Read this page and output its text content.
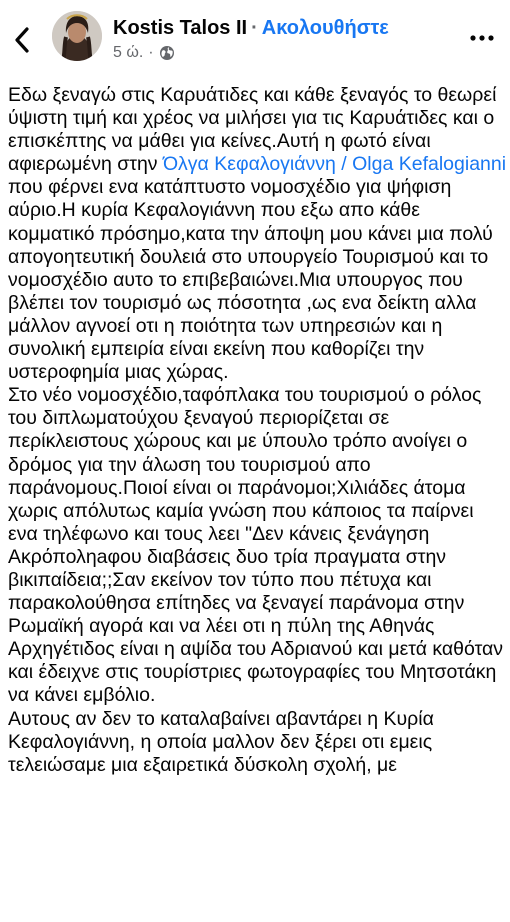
Kostis Talos II · Ακολουθήστε
5 ώ. ·

Εδω ξεναγώ στις Καρυάτιδες και κάθε ξεναγός το θεωρεί ύψιστη τιμή και χρέος να μιλήσει για τις Καρυάτιδες και ο επισκέπτης να μάθει για κείνες.Αυτή η φωτό είναι αφιερωμένη στην Όλγα Κεφαλογιάννη / Olga Kefalogianni που φέρνει ενα κατάπτυστο νομοσχέδιο για ψήφιση αύριο.Η κυρία Κεφαλογιάννη που εξω απο κάθε κομματικό πρόσημο,κατα την άποψη μου κάνει μια πολύ απογοητευτική δουλειά στο υπουργείο Τουρισμού και το νομοσχέδιο αυτο το επιβεβαιώνει.Μια υπουργος που βλέπει τον τουρισμό ως πόσοτητα ,ως ενα δείκτη αλλα μάλλον αγνοεί οτι η ποιότητα των υπηρεσιών και η συνολική εμπειρία είναι εκείνη που καθορίζει την υστεροφημία μιας χώρας.

Στο νέο νομοσχέδιο,ταφόπλακα του τουρισμού ο ρόλος του διπλωματούχου ξεναγού περιορίζεται σε περίκλειστους χώρους και με ύπουλο τρόπο ανοίγει ο δρόμος για την άλωση του τουρισμού απο παράνομους.Ποιοί είναι οι παράνομοι;Χιλιάδες άτομα χωρις απόλυτως καμία γνώση που κάποιος τα παίρνει ενα τηλέφωνο και τους λεει "Δεν κάνεις ξενάγηση Ακρόποληaφου διαβάσεις δυο τρία πραγματα στην βικιπαίδεια;;Σαν εκείνον τον τύπο που πέτυχα και παρακολούθησα επίτηδες να ξεναγεί παράνομα στην Ρωμαϊκή αγορά και να λέει οτι η πύλη της Αθηνάς Αρχηγέτιδος είναι η αψίδα του Αδριανού και μετά καθόταν και έδειχνε στις τουρίστριες φωτογραφίες του Μητσοτάκη να κάνει εμβόλιο.

Αυτους αν δεν το καταλαβαίνει αβαντάρει η Κυρία Κεφαλογιάννη, η οποία μαλλον δεν ξέρει οτι εμεις τελειώσαμε μια εξαιρετικά δύσκολη σχολή, με
